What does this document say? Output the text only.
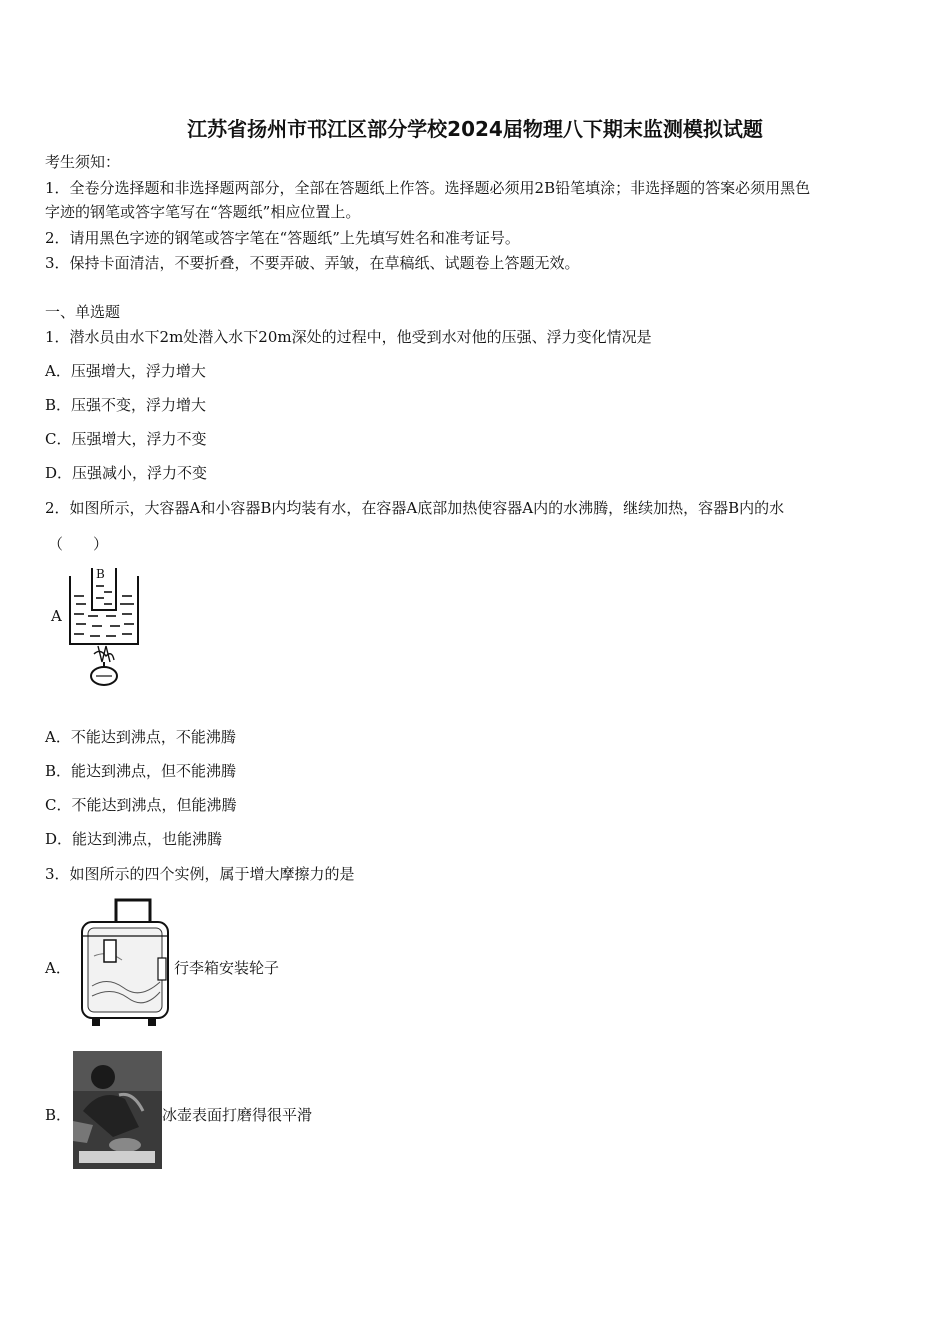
江苏省扬州市邗江区部分学校2024届物理八下期末监测模拟试题
考生须知：
1．全卷分选择题和非选择题两部分，全部在答题纸上作答。选择题必须用2B铅笔填涂；非选择题的答案必须用黑色
字迹的钢笔或答字笔写在“答题纸”相应位置上。
2．请用黑色字迹的钢笔或答字笔在“答题纸”上先填写姓名和准考证号。
3．保持卡面清洁，不要折叠，不要弄破、弄皱，在草稿纸、试题卷上答题无效。
一、单选题
1．潜水员由水下2m处潜入水下20m深处的过程中，他受到水对他的压强、浮力变化情况是
A．压强增大，浮力增大
B．压强不变，浮力增大
C．压强增大，浮力不变
D．压强减小，浮力不变
2．如图所示，大容器A和小容器B内均装有水，在容器A底部加热使容器A内的水沸腾，继续加热，容器B内的水
（　　）
A
B
A．不能达到沸点，不能沸腾
B．能达到沸点，但不能沸腾
C．不能达到沸点，但能沸腾
D．能达到沸点，也能沸腾
3．如图所示的四个实例，属于增大摩擦力的是
A．	行李箱安装轮子
B．	冰壶表面打磨得很平滑
